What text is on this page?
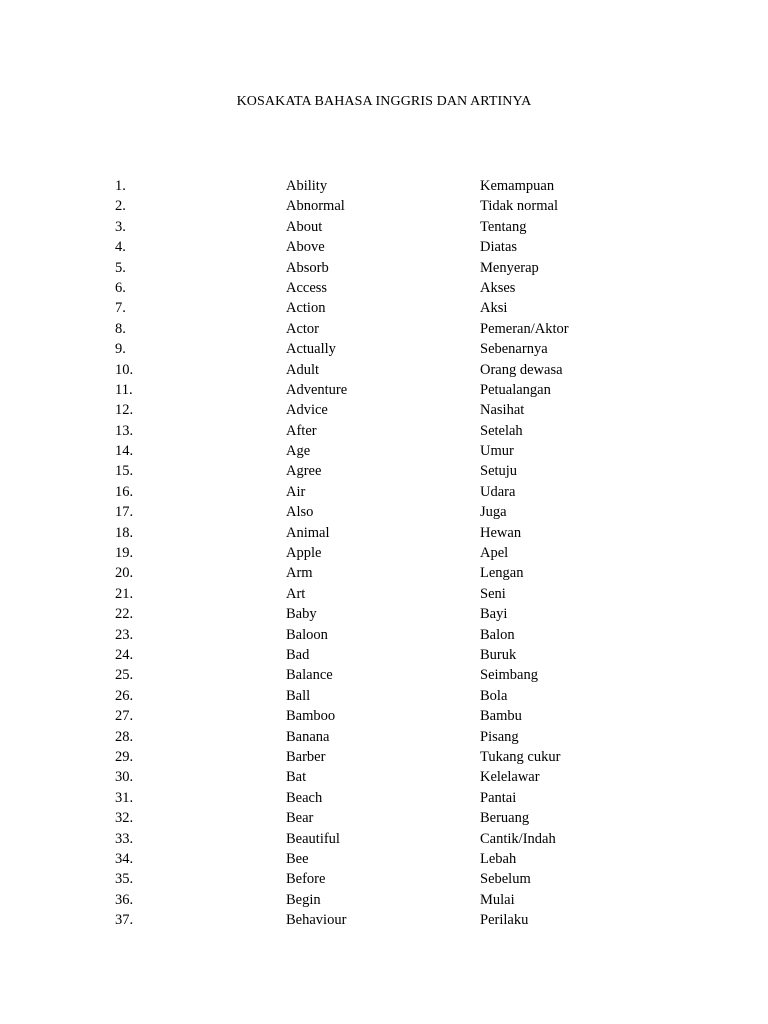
KOSAKATA BAHASA INGGRIS DAN ARTINYA
1.	Ability	Kemampuan
2.	Abnormal	Tidak normal
3.	About	Tentang
4.	Above	Diatas
5.	Absorb	Menyerap
6.	Access	Akses
7.	Action	Aksi
8.	Actor	Pemeran/Aktor
9.	Actually	Sebenarnya
10.	Adult	Orang dewasa
11.	Adventure	Petualangan
12.	Advice	Nasihat
13.	After	Setelah
14.	Age	Umur
15.	Agree	Setuju
16.	Air	Udara
17.	Also	Juga
18.	Animal	Hewan
19.	Apple	Apel
20.	Arm	Lengan
21.	Art	Seni
22.	Baby	Bayi
23.	Baloon	Balon
24.	Bad	Buruk
25.	Balance	Seimbang
26.	Ball	Bola
27.	Bamboo	Bambu
28.	Banana	Pisang
29.	Barber	Tukang cukur
30.	Bat	Kelelawar
31.	Beach	Pantai
32.	Bear	Beruang
33.	Beautiful	Cantik/Indah
34.	Bee	Lebah
35.	Before	Sebelum
36.	Begin	Mulai
37.	Behaviour	Perilaku
